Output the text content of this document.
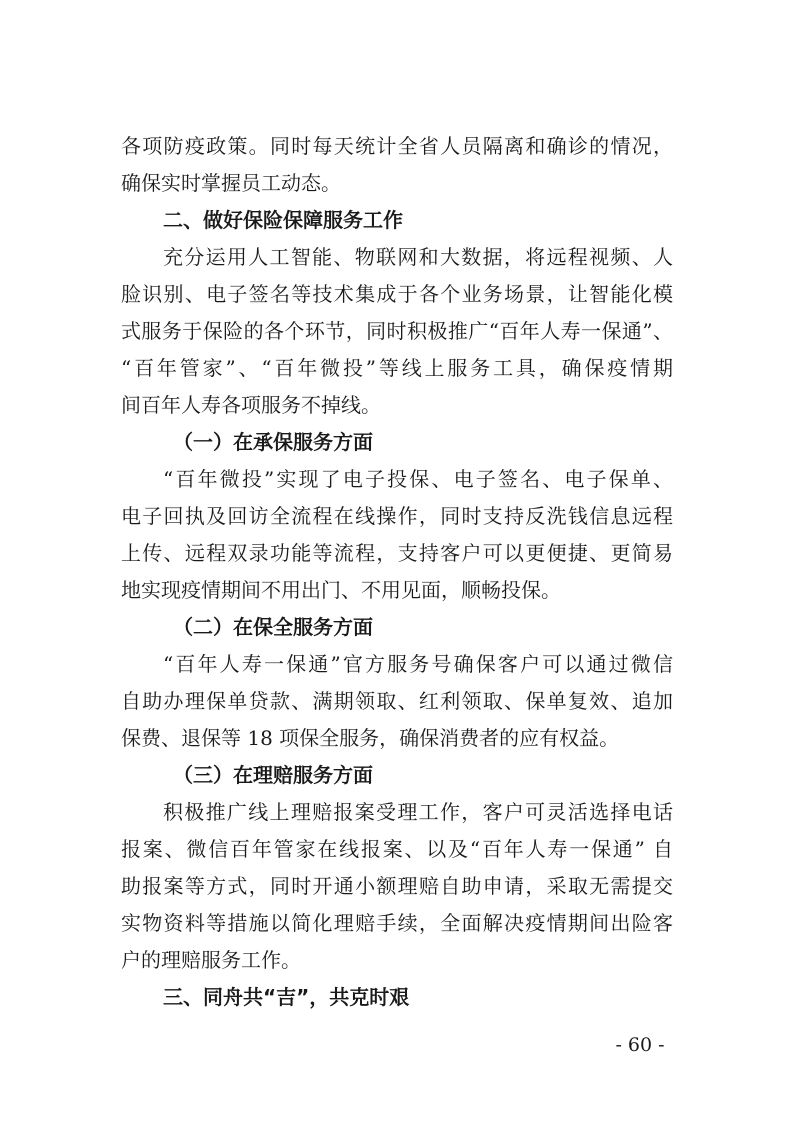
各项防疫政策。同时每天统计全省人员隔离和确诊的情况，
确保实时掌握员工动态。
二、做好保险保障服务工作
充分运用人工智能、物联网和大数据，将远程视频、人
脸识别、电子签名等技术集成于各个业务场景，让智能化模
式服务于保险的各个环节，同时积极推广“百年人寿一保通”、
“百年管家”、“百年微投”等线上服务工具，确保疫情期
间百年人寿各项服务不掉线。
（一）在承保服务方面
“百年微投”实现了电子投保、电子签名、电子保单、
电子回执及回访全流程在线操作，同时支持反洗钱信息远程
上传、远程双录功能等流程，支持客户可以更便捷、更简易
地实现疫情期间不用出门、不用见面，顺畅投保。
（二）在保全服务方面
“百年人寿一保通”官方服务号确保客户可以通过微信
自助办理保单贷款、满期领取、红利领取、保单复效、追加
保费、退保等 18 项保全服务，确保消费者的应有权益。
（三）在理赔服务方面
积极推广线上理赔报案受理工作，客户可灵活选择电话
报案、微信百年管家在线报案、以及“百年人寿一保通” 自
助报案等方式，同时开通小额理赔自助申请，采取无需提交
实物资料等措施以简化理赔手续，全面解决疫情期间出险客
户的理赔服务工作。
三、同舟共“吉”，共克时艰
- 60 -
